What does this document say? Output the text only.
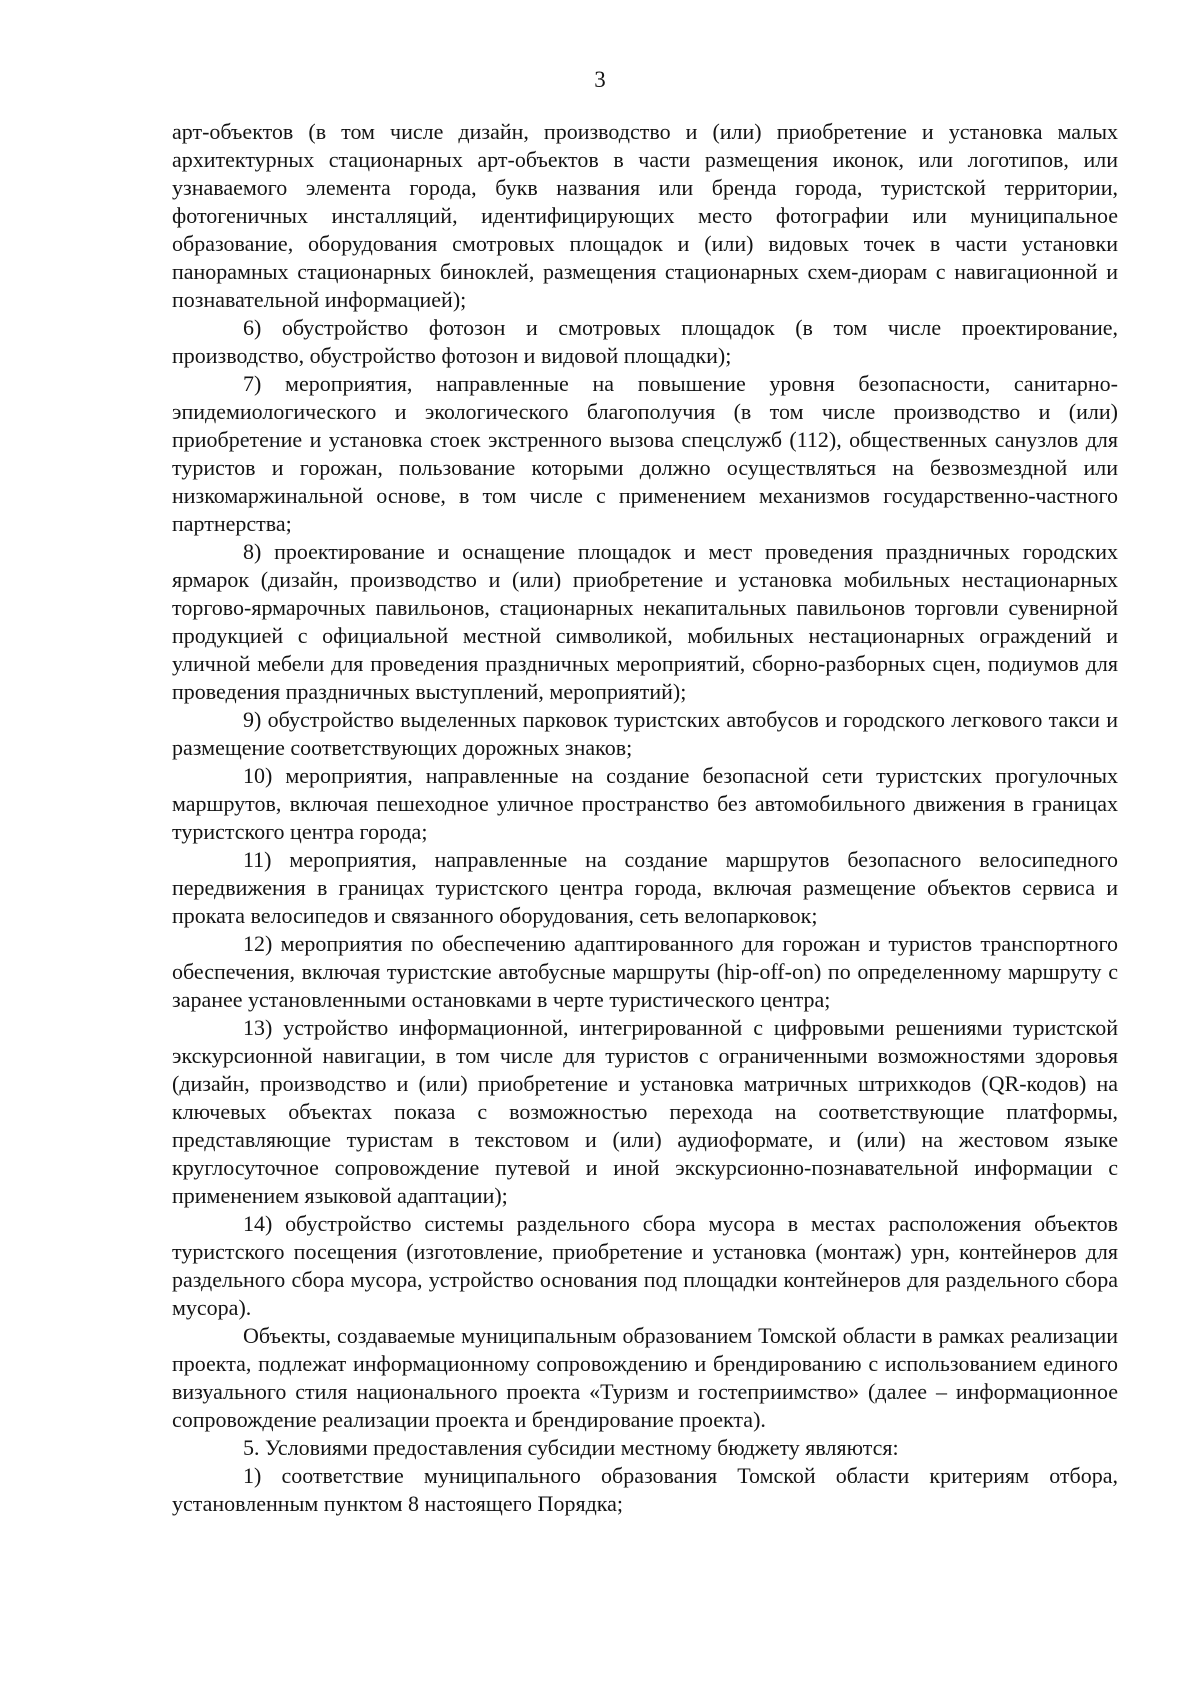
3

арт-объектов (в том числе дизайн, производство и (или) приобретение и установка малых архитектурных стационарных арт-объектов в части размещения иконок, или логотипов, или узнаваемого элемента города, букв названия или бренда города, туристской территории, фотогеничных инсталляций, идентифицирующих место фотографии или муниципальное образование, оборудования смотровых площадок и (или) видовых точек в части установки панорамных стационарных биноклей, размещения стационарных схем-диорам с навигационной и познавательной информацией);

6) обустройство фотозон и смотровых площадок (в том числе проектирование, производство, обустройство фотозон и видовой площадки);

7) мероприятия, направленные на повышение уровня безопасности, санитарно-эпидемиологического и экологического благополучия (в том числе производство и (или) приобретение и установка стоек экстренного вызова спецслужб (112), общественных санузлов для туристов и горожан, пользование которыми должно осуществляться на безвозмездной или низкомаржинальной основе, в том числе с применением механизмов государственно-частного партнерства;

8) проектирование и оснащение площадок и мест проведения праздничных городских ярмарок (дизайн, производство и (или) приобретение и установка мобильных нестационарных торгово-ярмарочных павильонов, стационарных некапитальных павильонов торговли сувенирной продукцией с официальной местной символикой, мобильных нестационарных ограждений и уличной мебели для проведения праздничных мероприятий, сборно-разборных сцен, подиумов для проведения праздничных выступлений, мероприятий);

9) обустройство выделенных парковок туристских автобусов и городского легкового такси и размещение соответствующих дорожных знаков;

10) мероприятия, направленные на создание безопасной сети туристских прогулочных маршрутов, включая пешеходное уличное пространство без автомобильного движения в границах туристского центра города;

11) мероприятия, направленные на создание маршрутов безопасного велосипедного передвижения в границах туристского центра города, включая размещение объектов сервиса и проката велосипедов и связанного оборудования, сеть велопарковок;

12) мероприятия по обеспечению адаптированного для горожан и туристов транспортного обеспечения, включая туристские автобусные маршруты (hip-off-on) по определенному маршруту с заранее установленными остановками в черте туристического центра;

13) устройство информационной, интегрированной с цифровыми решениями туристской экскурсионной навигации, в том числе для туристов с ограниченными возможностями здоровья (дизайн, производство и (или) приобретение и установка матричных штрихкодов (QR-кодов) на ключевых объектах показа с возможностью перехода на соответствующие платформы, представляющие туристам в текстовом и (или) аудиоформате, и (или) на жестовом языке круглосуточное сопровождение путевой и иной экскурсионно-познавательной информации с применением языковой адаптации);

14) обустройство системы раздельного сбора мусора в местах расположения объектов туристского посещения (изготовление, приобретение и установка (монтаж) урн, контейнеров для раздельного сбора мусора, устройство основания под площадки контейнеров для раздельного сбора мусора).

Объекты, создаваемые муниципальным образованием Томской области в рамках реализации проекта, подлежат информационному сопровождению и брендированию с использованием единого визуального стиля национального проекта «Туризм и гостеприимство» (далее – информационное сопровождение реализации проекта и брендирование проекта).

5. Условиями предоставления субсидии местному бюджету являются:

1) соответствие муниципального образования Томской области критериям отбора, установленным пунктом 8 настоящего Порядка;
